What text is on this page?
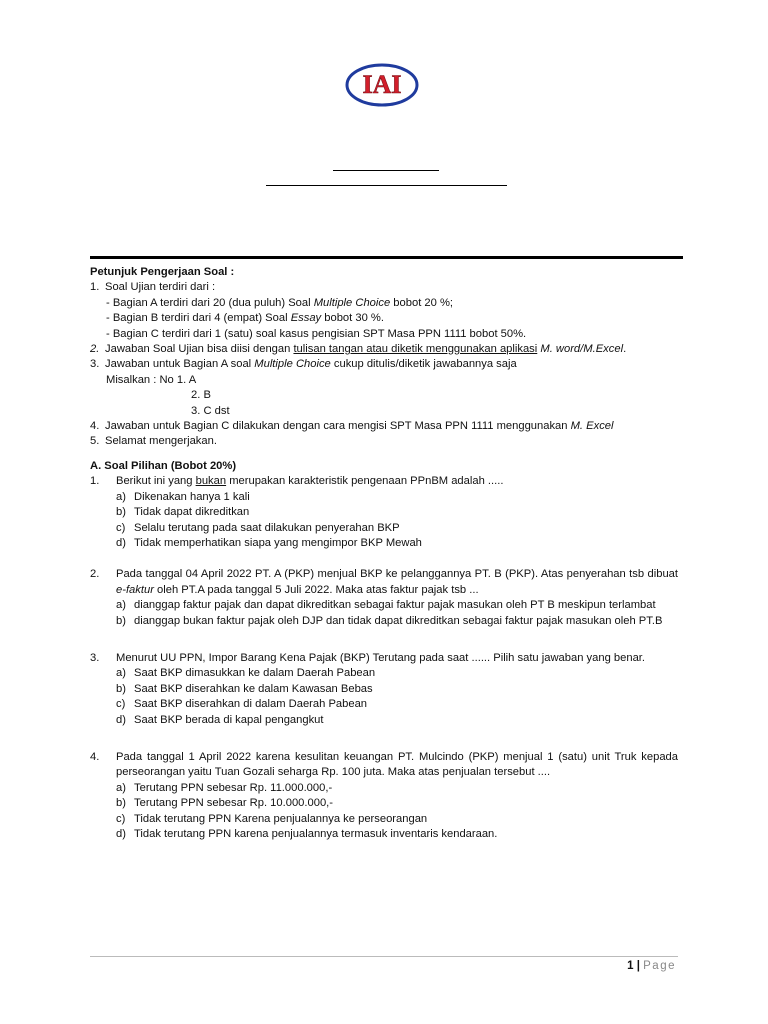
IAI

Petunjuk Pengerjaan Soal :

1. Soal Ujian terdiri dari :
- Bagian A terdiri dari 20 (dua puluh) Soal Multiple Choice bobot 20 %;
- Bagian B terdiri dari 4 (empat) Soal Essay bobot 30 %.
- Bagian C terdiri dari 1 (satu) soal kasus pengisian SPT Masa PPN 1111 bobot 50%.
2. Jawaban Soal Ujian bisa diisi dengan tulisan tangan atau diketik menggunakan aplikasi M. word/M.Excel.
3. Jawaban untuk Bagian A soal Multiple Choice cukup ditulis/diketik jawabannya saja
Misalkan : No 1. A
2. B
3. C dst
4. Jawaban untuk Bagian C dilakukan dengan cara mengisi SPT Masa PPN 1111 menggunakan M. Excel
5. Selamat mengerjakan.

A. Soal Pilihan (Bobot 20%)

1.	Berikut ini yang bukan merupakan karakteristik pengenaan PPnBM adalah .....
a) Dikenakan hanya 1 kali
b) Tidak dapat dikreditkan
c) Selalu terutang pada saat dilakukan penyerahan BKP
d) Tidak memperhatikan siapa yang mengimpor BKP Mewah
2.	Pada tanggal 04 April 2022 PT. A (PKP) menjual BKP ke pelanggannya PT. B (PKP). Atas penyerahan tsb dibuat e-faktur oleh PT.A pada tanggal 5 Juli 2022. Maka atas faktur pajak tsb ...
a) dianggap faktur pajak dan dapat dikreditkan sebagai faktur pajak masukan oleh PT B meskipun terlambat
b) dianggap bukan faktur pajak oleh DJP dan tidak dapat dikreditkan sebagai faktur pajak masukan oleh PT.B
3.	Menurut UU PPN, Impor Barang Kena Pajak (BKP) Terutang pada saat ...... Pilih satu jawaban yang benar.
a) Saat BKP dimasukkan ke dalam Daerah Pabean
b) Saat BKP diserahkan ke dalam Kawasan Bebas
c) Saat BKP diserahkan di dalam Daerah Pabean
d) Saat BKP berada di kapal pengangkut
4.	Pada tanggal 1 April 2022 karena kesulitan keuangan PT. Mulcindo (PKP) menjual 1 (satu) unit Truk kepada perseorangan yaitu Tuan Gozali seharga Rp. 100 juta. Maka atas penjualan tersebut ....
a) Terutang PPN sebesar Rp. 11.000.000,-
b) Terutang PPN sebesar Rp. 10.000.000,-
c) Tidak terutang PPN Karena penjualannya ke perseorangan
d) Tidak terutang PPN karena penjualannya termasuk inventaris kendaraan.
1 | Page
